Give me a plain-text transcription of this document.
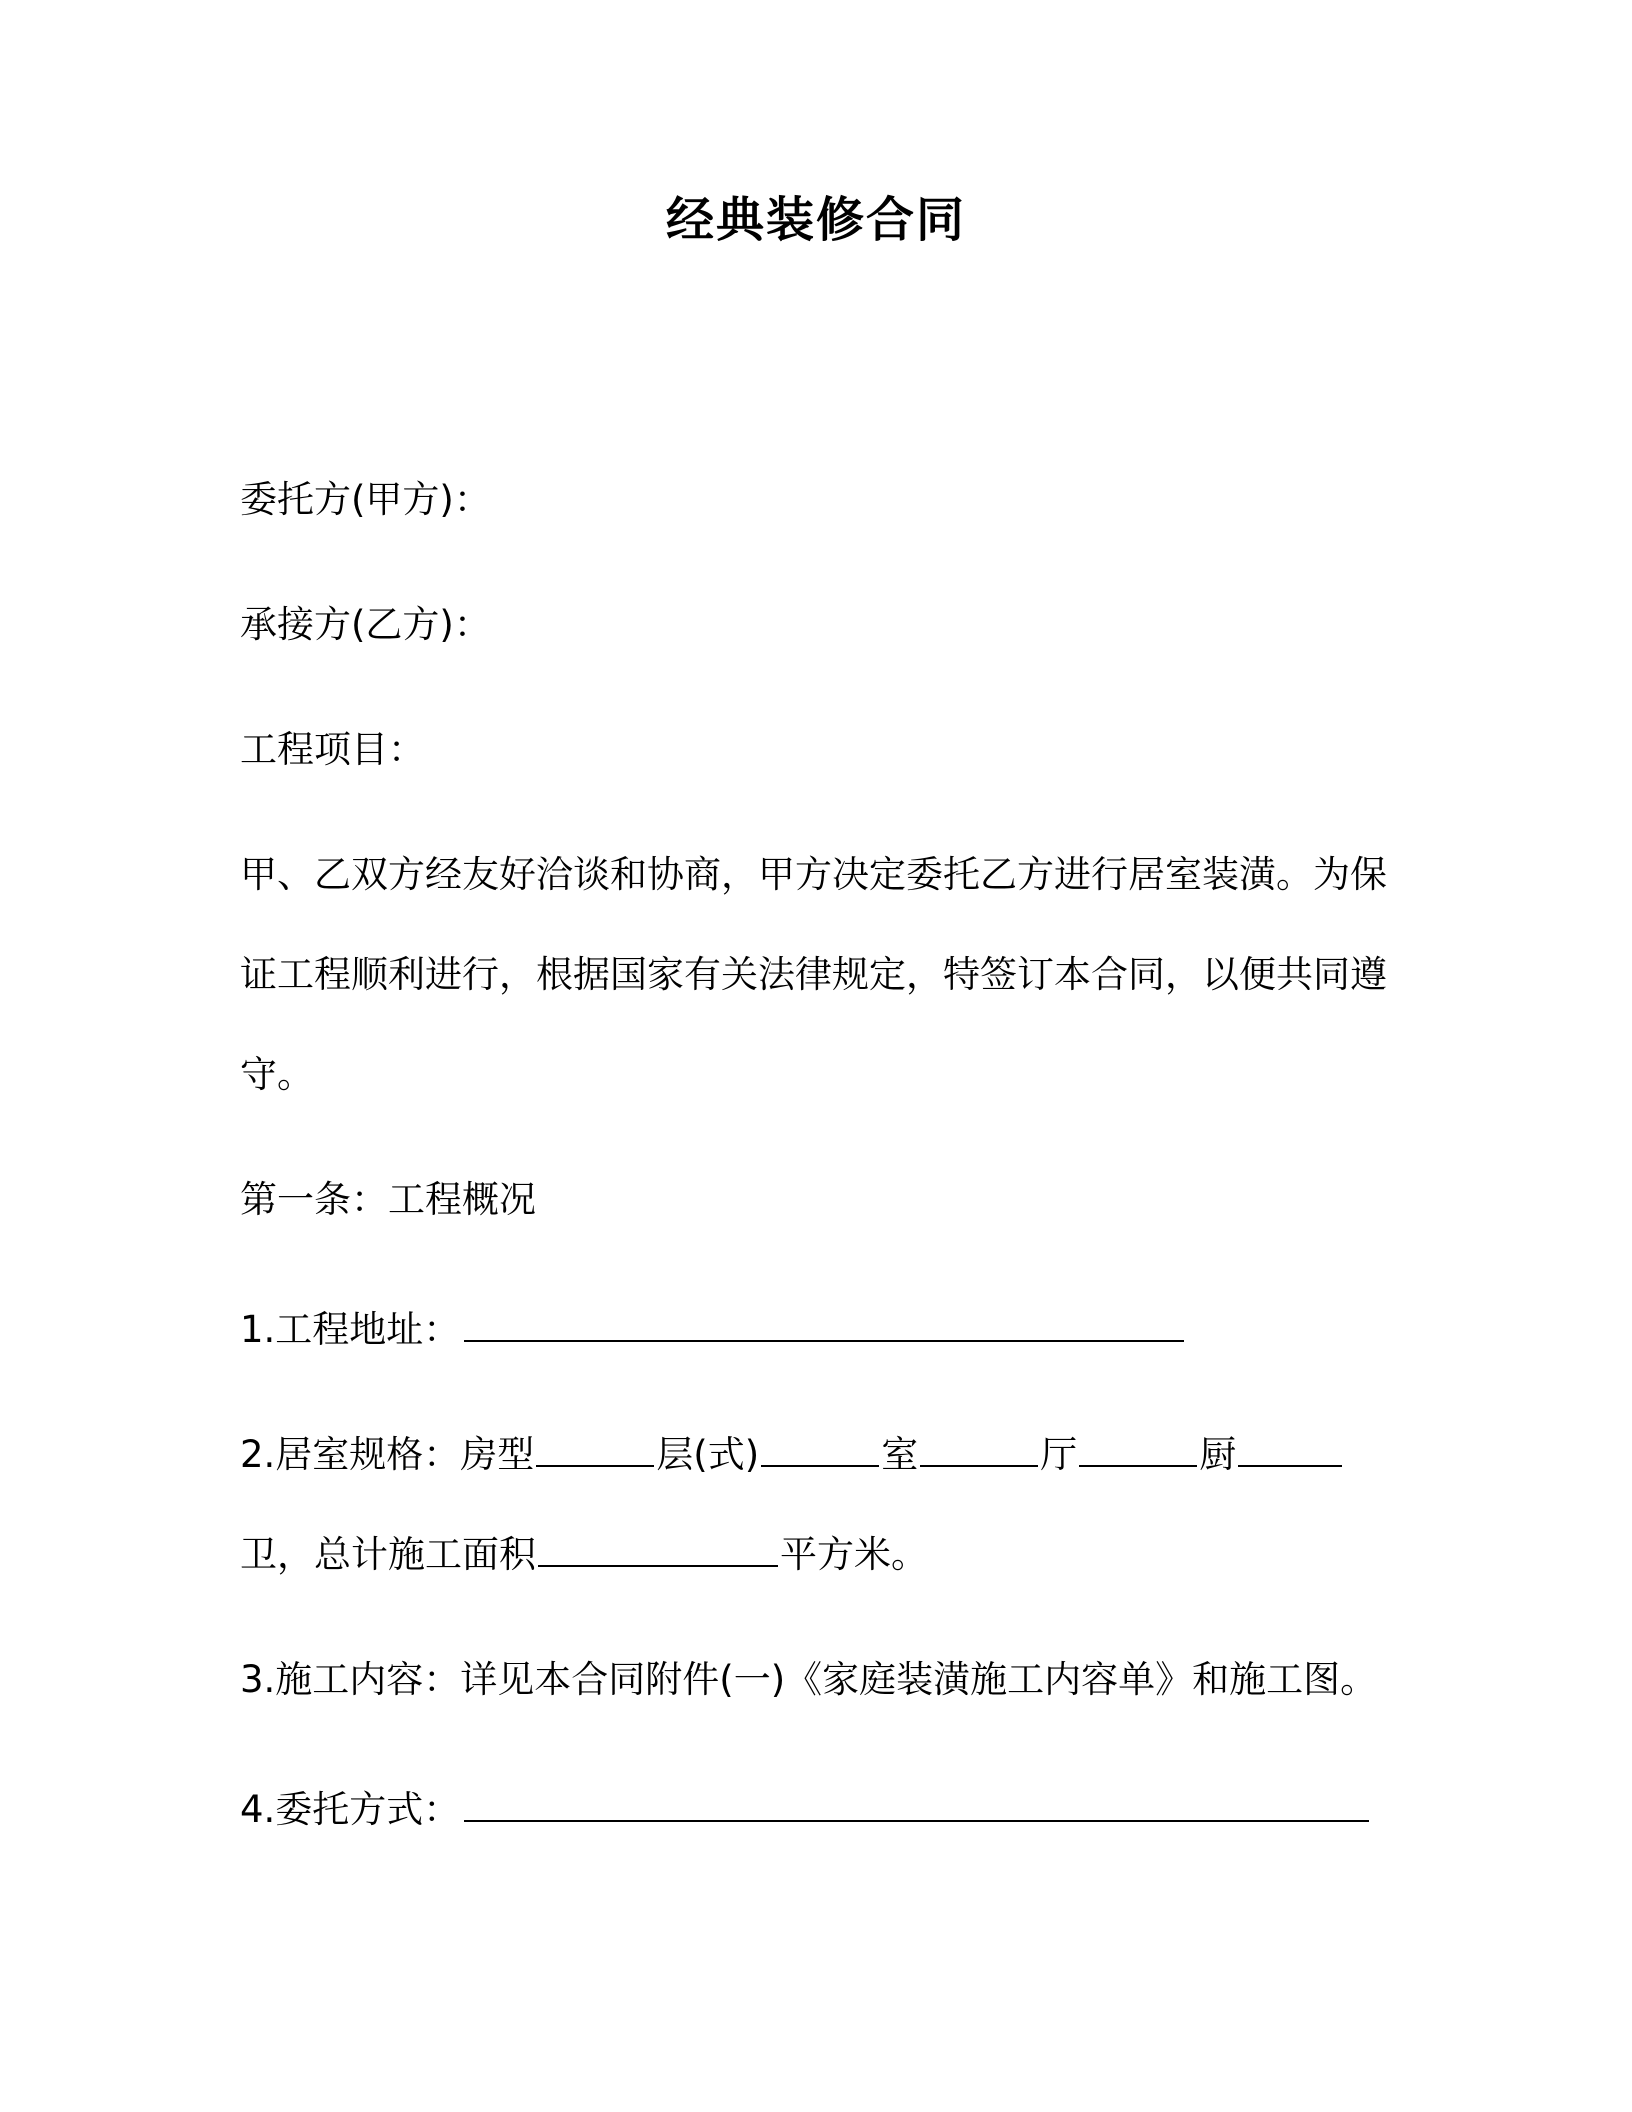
经典装修合同
委托方(甲方)：
承接方(乙方)：
工程项目：
甲、乙双方经友好洽谈和协商，甲方决定委托乙方进行居室装潢。为保证工程顺利进行，根据国家有关法律规定，特签订本合同，以便共同遵守。
第一条：工程概况
1.工程地址：
2.居室规格：房型	层(式)	室	厅	厨
卫，总计施工面积	平方米。
3.施工内容：详见本合同附件(一)《家庭装潢施工内容单》和施工图。
4.委托方式：
